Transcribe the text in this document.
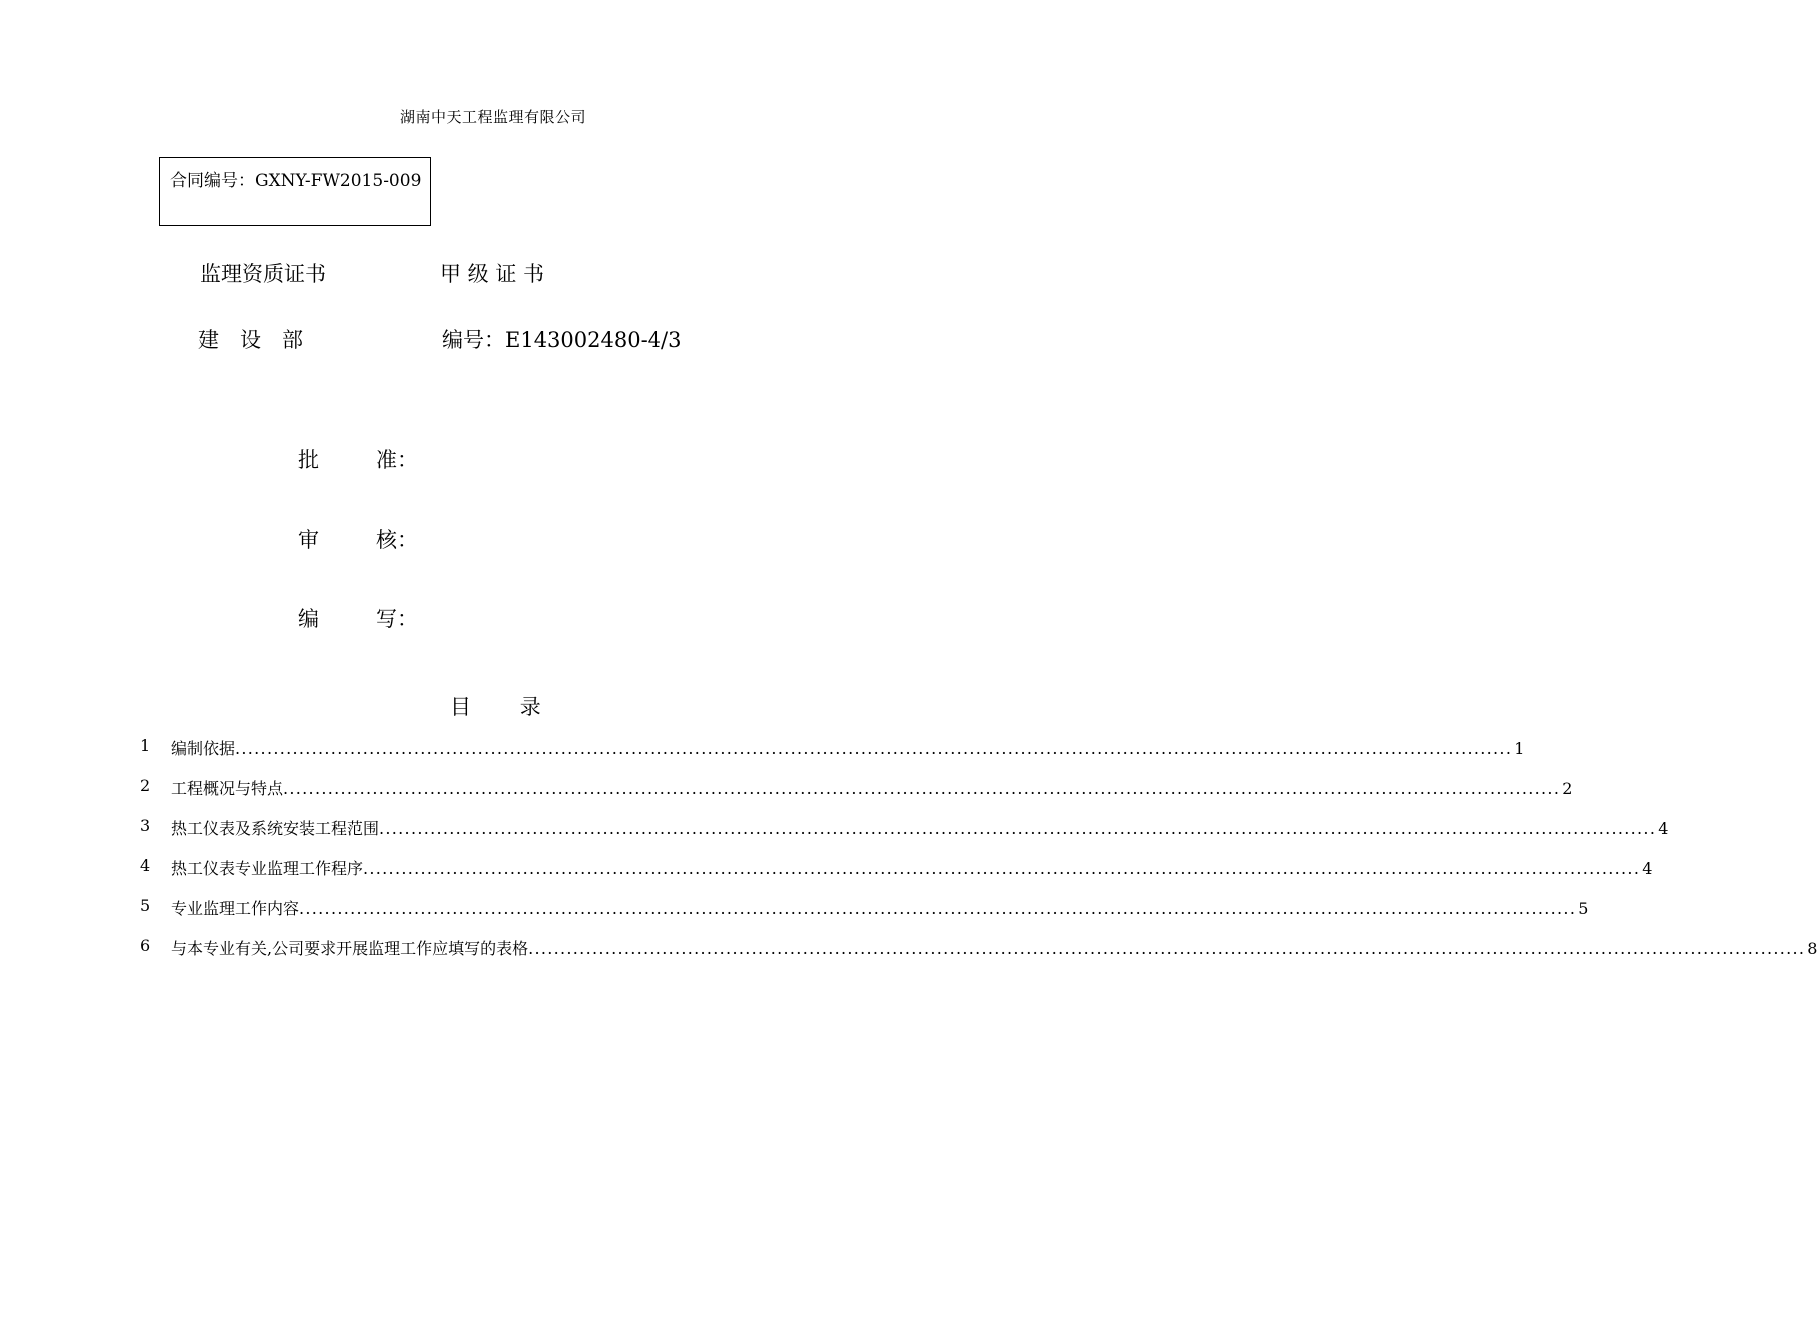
湖南中天工程监理有限公司
合同编号：GXNY-FW2015-009
监理资质证书	甲 级 证 书
建　设　部	编号：E143002480-4/3
批	准：
审	核：
编	写：
目 录
1 编制依据 ........................................................................................................................................................................................................ 1
2 工程概况与特点 ........................................................................................................................................................................................................ 2
3 热工仪表及系统安装工程范围 ........................................................................................................................................................................................................ 4
4 热工仪表专业监理工作程序 ........................................................................................................................................................................................................ 4
5 专业监理工作内容 ........................................................................................................................................................................................................ 5
6 与本专业有关,公司要求开展监理工作应填写的表格 ........................................................................................................................................................................................................ 8
